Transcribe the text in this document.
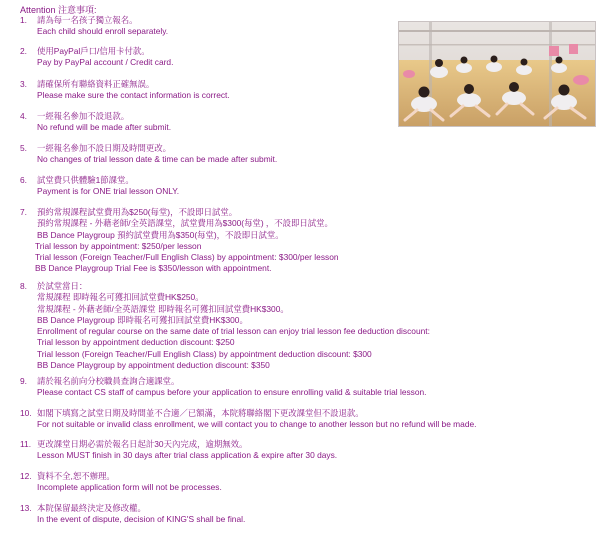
Attention 注意事項:
1.	請為每一名孩子獨立報名。
Each child should enroll separately.
2.	使用PayPal戶口/信用卡付款。
Pay by PayPal account / Credit card.
3.	請確保所有聯絡資料正確無誤。
Please make sure the contact information is correct.
4.	一經報名參加不設退款。
No refund will be made after submit.
5.	一經報名參加不設日期及時間更改。
No changes of trial lesson date & time can be made after submit.
6.	試堂費只供體驗1節課堂。
Payment is for ONE trial lesson ONLY.
7.	預約常規課程試堂費用為$250(每堂)，不設即日試堂。
預約常規課程 - 外藉老師/全英語課堂，試堂費用為$300(每堂) ，不設即日試堂。
BB Dance Playgroup 預約試堂費用為$350(每堂)，不設即日試堂。
Trial lesson by appointment: $250/per lesson
Trial lesson (Foreign Teacher/Full English Class) by appointment: $300/per lesson
BB Dance Playgroup Trial Fee is $350/lesson with appointment.
8.	於試堂當日：
常規課程 即時報名可獲扣回試堂費HK$250。
常規課程 - 外藉老師/全英語課堂 即時報名可獲扣回試堂費HK$300。
BB Dance Playgroup 即時報名可獲扣回試堂費HK$300。
Enrollment of regular course on the same date of trial lesson can enjoy trial lesson fee deduction discount:
Trial lesson by appointment deduction discount: $250
Trial lesson (Foreign Teacher/Full English Class) by appointment deduction discount: $300
BB Dance Playgroup by appointment deduction discount: $350
9.	請於報名前向分校職員查詢合適課堂。
Please contact CS staff of campus before your application to ensure enrolling valid & suitable trial lesson.
10. 如閣下填寫之試堂日期及時間並不合適／已額滿，本院將聯絡閣下更改課堂但不設退款。
For not suitable or invalid class enrollment, we will contact you to change to another lesson but no refund will be made.
11. 更改課堂日期必需於報名日起計30天內完成，逾期無效。
Lesson MUST finish in 30 days after trial class application & expire after 30 days.
12. 資料不全,恕不辦理。
Incomplete application form will not be processes.
13. 本院保留最終決定及修改權。
In the event of dispute, decision of KING'S shall be final.
